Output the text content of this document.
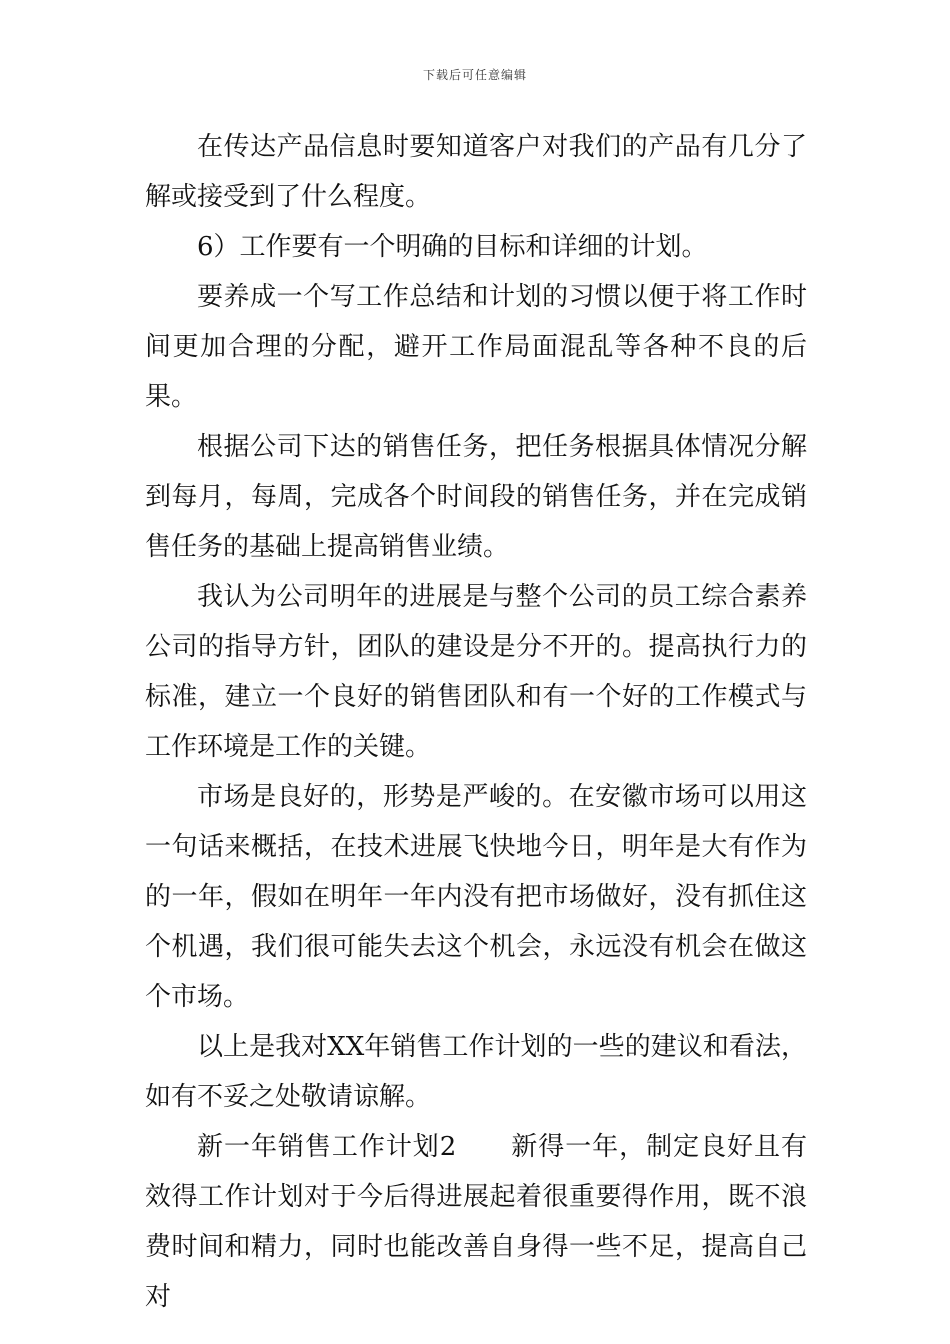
下载后可任意编辑

在传达产品信息时要知道客户对我们的产品有几分了解或接受到了什么程度。

6）工作要有一个明确的目标和详细的计划。

要养成一个写工作总结和计划的习惯以便于将工作时间更加合理的分配，避开工作局面混乱等各种不良的后果。

根据公司下达的销售任务，把任务根据具体情况分解到每月，每周，完成各个时间段的销售任务，并在完成销售任务的基础上提高销售业绩。

我认为公司明年的进展是与整个公司的员工综合素养公司的指导方针，团队的建设是分不开的。提高执行力的标准，建立一个良好的销售团队和有一个好的工作模式与工作环境是工作的关键。

市场是良好的，形势是严峻的。在安徽市场可以用这一句话来概括，在技术进展飞快地今日，明年是大有作为的一年，假如在明年一年内没有把市场做好，没有抓住这个机遇，我们很可能失去这个机会，永远没有机会在做这个市场。

以上是我对XX年销售工作计划的一些的建议和看法，如有不妥之处敬请谅解。

新一年销售工作计划2　　新得一年，制定良好且有效得工作计划对于今后得进展起着很重要得作用，既不浪费时间和精力，同时也能改善自身得一些不足，提高自己对
